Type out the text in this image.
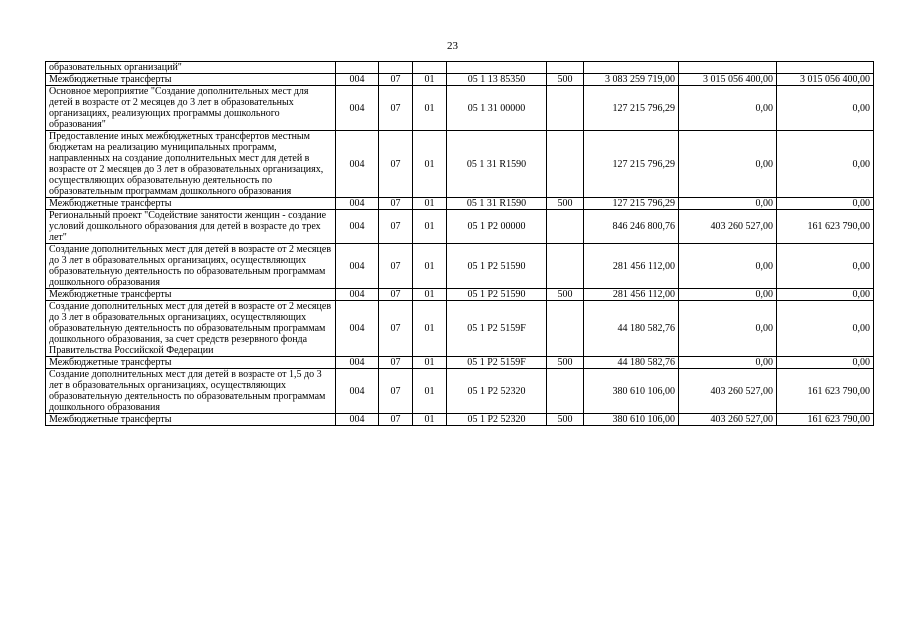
23
образовательных организаций"								
Межбюджетные трансферты	004	07	01	05 1 13 85350	500	3 083 259 719,00	3 015 056 400,00	3 015 056 400,00
Основное мероприятие "Создание дополнительных мест для детей в возрасте от 2 месяцев до 3 лет в образовательных организациях, реализующих программы дошкольного образования"	004	07	01	05 1 31 00000		127 215 796,29	0,00	0,00
Предоставление иных межбюджетных трансфертов местным бюджетам на реализацию муниципальных программ, направленных на создание дополнительных мест для детей в возрасте от 2 месяцев до 3 лет в образовательных организациях, осуществляющих образовательную деятельность по образовательным программам дошкольного образования	004	07	01	05 1 31 R1590		127 215 796,29	0,00	0,00
Межбюджетные трансферты	004	07	01	05 1 31 R1590	500	127 215 796,29	0,00	0,00
Региональный проект "Содействие занятости женщин - создание условий дошкольного образования для детей в возрасте до трех лет"	004	07	01	05 1 P2 00000		846 246 800,76	403 260 527,00	161 623 790,00
Создание дополнительных мест для детей в возрасте от 2 месяцев до 3 лет в образовательных организациях, осуществляющих образовательную деятельность по образовательным программам дошкольного образования	004	07	01	05 1 P2 51590		281 456 112,00	0,00	0,00
Межбюджетные трансферты	004	07	01	05 1 P2 51590	500	281 456 112,00	0,00	0,00
Создание дополнительных мест для детей в возрасте от 2 месяцев до 3 лет в образовательных организациях, осуществляющих образовательную деятельность по образовательным программам дошкольного образования, за счет средств резервного фонда Правительства Российской Федерации	004	07	01	05 1 P2 5159F		44 180 582,76	0,00	0,00
Межбюджетные трансферты	004	07	01	05 1 P2 5159F	500	44 180 582,76	0,00	0,00
Создание дополнительных мест для детей в возрасте от 1,5 до 3 лет в образовательных организациях, осуществляющих образовательную деятельность по образовательным программам дошкольного образования	004	07	01	05 1 P2 52320		380 610 106,00	403 260 527,00	161 623 790,00
Межбюджетные трансферты	004	07	01	05 1 P2 52320	500	380 610 106,00	403 260 527,00	161 623 790,00
